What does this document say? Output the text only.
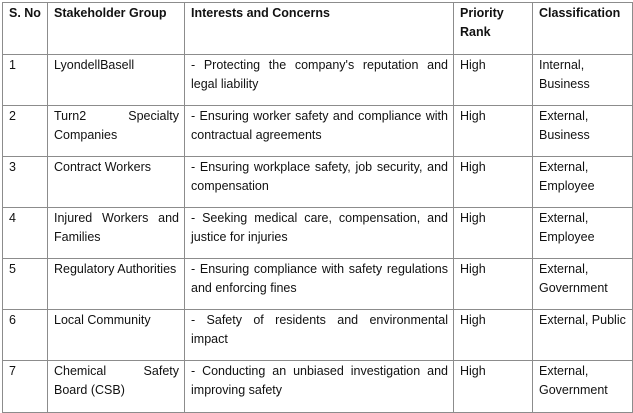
S. No	Stakeholder Group	Interests and Concerns	Priority Rank	Classification
1	LyondellBasell	- Protecting the company's reputation and legal liability	High	Internal, Business
2	Turn2 Specialty Companies	- Ensuring worker safety and compliance with contractual agreements	High	External, Business
3	Contract Workers	- Ensuring workplace safety, job security, and compensation	High	External, Employee
4	Injured Workers and Families	- Seeking medical care, compensation, and justice for injuries	High	External, Employee
5	Regulatory Authorities	- Ensuring compliance with safety regulations and enforcing fines	High	External, Government
6	Local Community	- Safety of residents and environmental impact	High	External, Public
7	Chemical Safety Board (CSB)	- Conducting an unbiased investigation and improving safety	High	External, Government
